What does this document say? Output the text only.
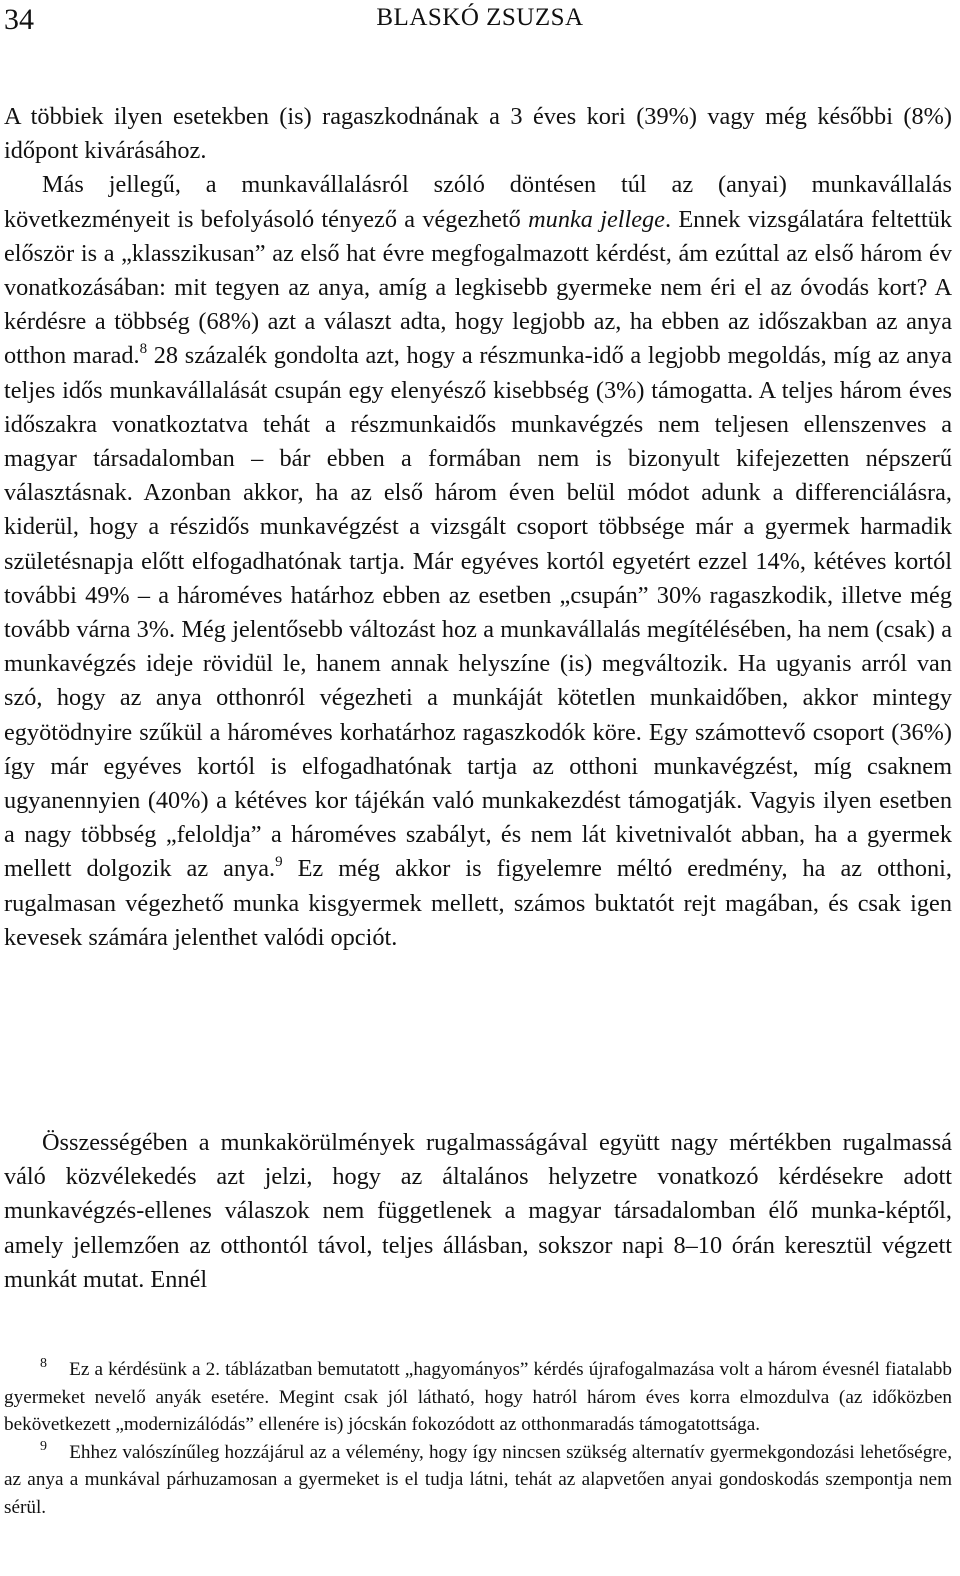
34	BLASKÓ ZSUZSA
A többiek ilyen esetekben (is) ragaszkodnának a 3 éves kori (39%) vagy még későbbi (8%) időpont kivárásához.
Más jellegű, a munkavállalásról szóló döntésen túl az (anyai) munkavállalás következményeit is befolyásoló tényező a végezhető munka jellege. Ennek vizsgálatára feltettük először is a „klasszikusan” az első hat évre megfogalmazott kérdést, ám ezúttal az első három év vonatkozásában: mit tegyen az anya, amíg a legkisebb gyermeke nem éri el az óvodás kort? A kérdésre a többség (68%) azt a választ adta, hogy legjobb az, ha ebben az időszakban az anya otthon marad.$^8$ 28 százalék gondolta azt, hogy a részmunka-idő a legjobb megoldás, míg az anya teljes idős munkavállalását csupán egy elenyésző kisebbség (3%) támogatta. A teljes három éves időszakra vonatkoztatva tehát a részmunkaidős munkavégzés nem teljesen ellenszenves a magyar társadalomban – bár ebben a formában nem is bizonyult kifejezetten népszerű választásnak. Azonban akkor, ha az első három éven belül módot adunk a differenciálásra, kiderül, hogy a részidős munkavégzést a vizsgált csoport többsége már a gyermek harmadik születésnapja előtt elfogadhatónak tartja. Már egyéves kortól egyetért ezzel 14%, kétéves kortól további 49% – a hároméves határhoz ebben az esetben „csupán” 30% ragaszkodik, illetve még tovább várna 3%. Még jelentősebb változást hoz a munkavállalás megítélésében, ha nem (csak) a munkavégzés ideje rövidül le, hanem annak helyszíne (is) megváltozik. Ha ugyanis arról van szó, hogy az anya otthonról végezheti a munkáját kötetlen munkaidőben, akkor mintegy egyötödnyire szűkül a hároméves korhatárhoz ragaszkodók köre. Egy számottevő csoport (36%) így már egyéves kortól is elfogadhatónak tartja az otthoni munkavégzést, míg csaknem ugyanennyien (40%) a kétéves kor tájékán való munkakezdést támogatják. Vagyis ilyen esetben a nagy többség „feloldja” a hároméves szabályt, és nem lát kivetnivalót abban, ha a gyermek mellett dolgozik az anya.$^9$ Ez még akkor is figyelemre méltó eredmény, ha az otthoni, rugalmasan végezhető munka kisgyermek mellett, számos buktatót rejt magában, és csak igen kevesek számára jelenthet valódi opciót.

Összességében a munkakörülmények rugalmasságával együtt nagy mértékben rugalmassá váló közvélekedés azt jelzi, hogy az általános helyzetre vonatkozó kérdésekre adott munkavégzés-ellenes válaszok nem függetlenek a magyar társadalomban élő munka-képtől, amely jellemzően az otthontól távol, teljes állásban, sokszor napi 8–10 órán keresztül végzett munkát mutat. Ennél

8 Ez a kérdésünk a 2. táblázatban bemutatott „hagyományos” kérdés újrafogalmazása volt a három évesnél fiatalabb gyermeket nevelő anyák esetére. Megint csak jól látható, hogy hatról három éves korra elmozdulva (az időközben bekövetkezett „modernizálódás” ellenére is) jócskán fokozódott az otthonmaradás támogatottsága.

9 Ehhez valószínűleg hozzájárul az a vélemény, hogy így nincsen szükség alternatív gyermekgondozási lehetőségre, az anya a munkával párhuzamosan a gyermeket is el tudja látni, tehát az alapvetően anyai gondoskodás szempontja nem sérül.
